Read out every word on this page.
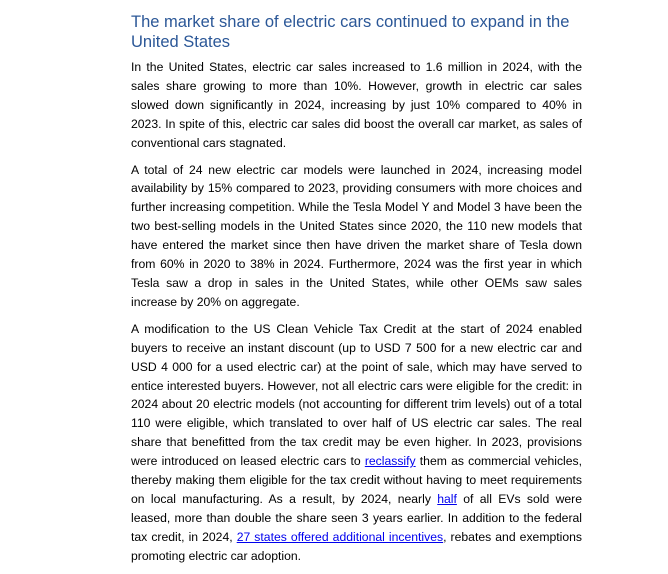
The market share of electric cars continued to expand in the United States

In the United States, electric car sales increased to 1.6 million in 2024, with the sales share growing to more than 10%. However, growth in electric car sales slowed down significantly in 2024, increasing by just 10% compared to 40% in 2023. In spite of this, electric car sales did boost the overall car market, as sales of conventional cars stagnated.

A total of 24 new electric car models were launched in 2024, increasing model availability by 15% compared to 2023, providing consumers with more choices and further increasing competition. While the Tesla Model Y and Model 3 have been the two best-selling models in the United States since 2020, the 110 new models that have entered the market since then have driven the market share of Tesla down from 60% in 2020 to 38% in 2024. Furthermore, 2024 was the first year in which Tesla saw a drop in sales in the United States, while other OEMs saw sales increase by 20% on aggregate.

A modification to the US Clean Vehicle Tax Credit at the start of 2024 enabled buyers to receive an instant discount (up to USD 7 500 for a new electric car and USD 4 000 for a used electric car) at the point of sale, which may have served to entice interested buyers. However, not all electric cars were eligible for the credit: in 2024 about 20 electric models (not accounting for different trim levels) out of a total 110 were eligible, which translated to over half of US electric car sales. The real share that benefitted from the tax credit may be even higher. In 2023, provisions were introduced on leased electric cars to reclassify them as commercial vehicles, thereby making them eligible for the tax credit without having to meet requirements on local manufacturing. As a result, by 2024, nearly half of all EVs sold were leased, more than double the share seen 3 years earlier. In addition to the federal tax credit, in 2024, 27 states offered additional incentives, rebates and exemptions promoting electric car adoption.
